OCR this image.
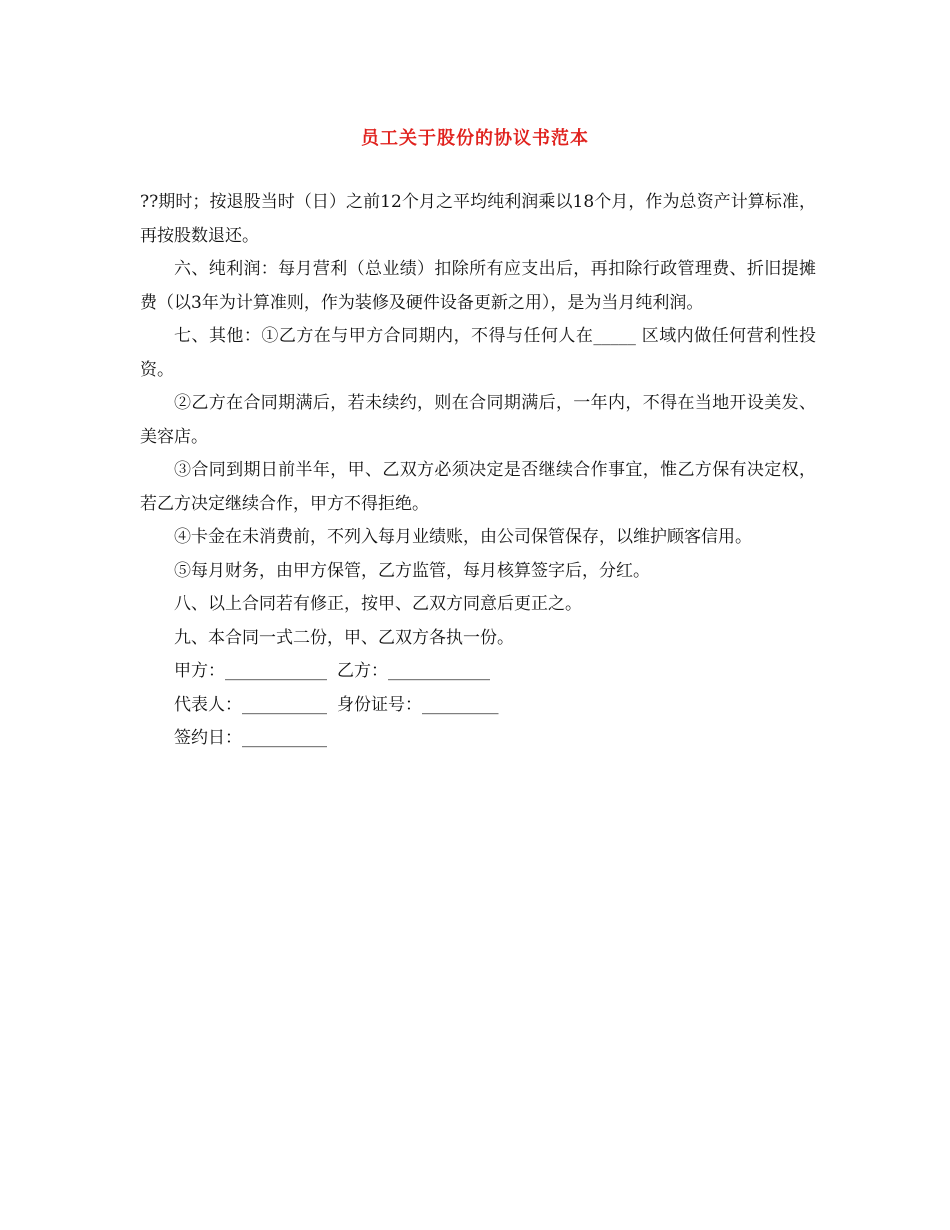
员工关于股份的协议书范本

??期时；按退股当时（日）之前12个月之平均纯利润乘以18个月，作为总资产计算标准，再按股数退还。

六、纯利润：每月营利（总业绩）扣除所有应支出后，再扣除行政管理费、折旧提摊费（以3年为计算准则，作为装修及硬件设备更新之用），是为当月纯利润。

七、其他：①乙方在与甲方合同期内，不得与任何人在_____ 区域内做任何营利性投资。

②乙方在合同期满后，若未续约，则在合同期满后，一年内，不得在当地开设美发、美容店。

③合同到期日前半年，甲、乙双方必须决定是否继续合作事宜，惟乙方保有决定权，若乙方决定继续合作，甲方不得拒绝。

④卡金在未消费前，不列入每月业绩账，由公司保管保存，以维护顾客信用。

⑤每月财务，由甲方保管，乙方监管，每月核算签字后，分红。

八、以上合同若有修正，按甲、乙双方同意后更正之。

九、本合同一式二份，甲、乙双方各执一份。

甲方：____________ 乙方：____________
代表人：__________ 身份证号：_________
签约日：__________
